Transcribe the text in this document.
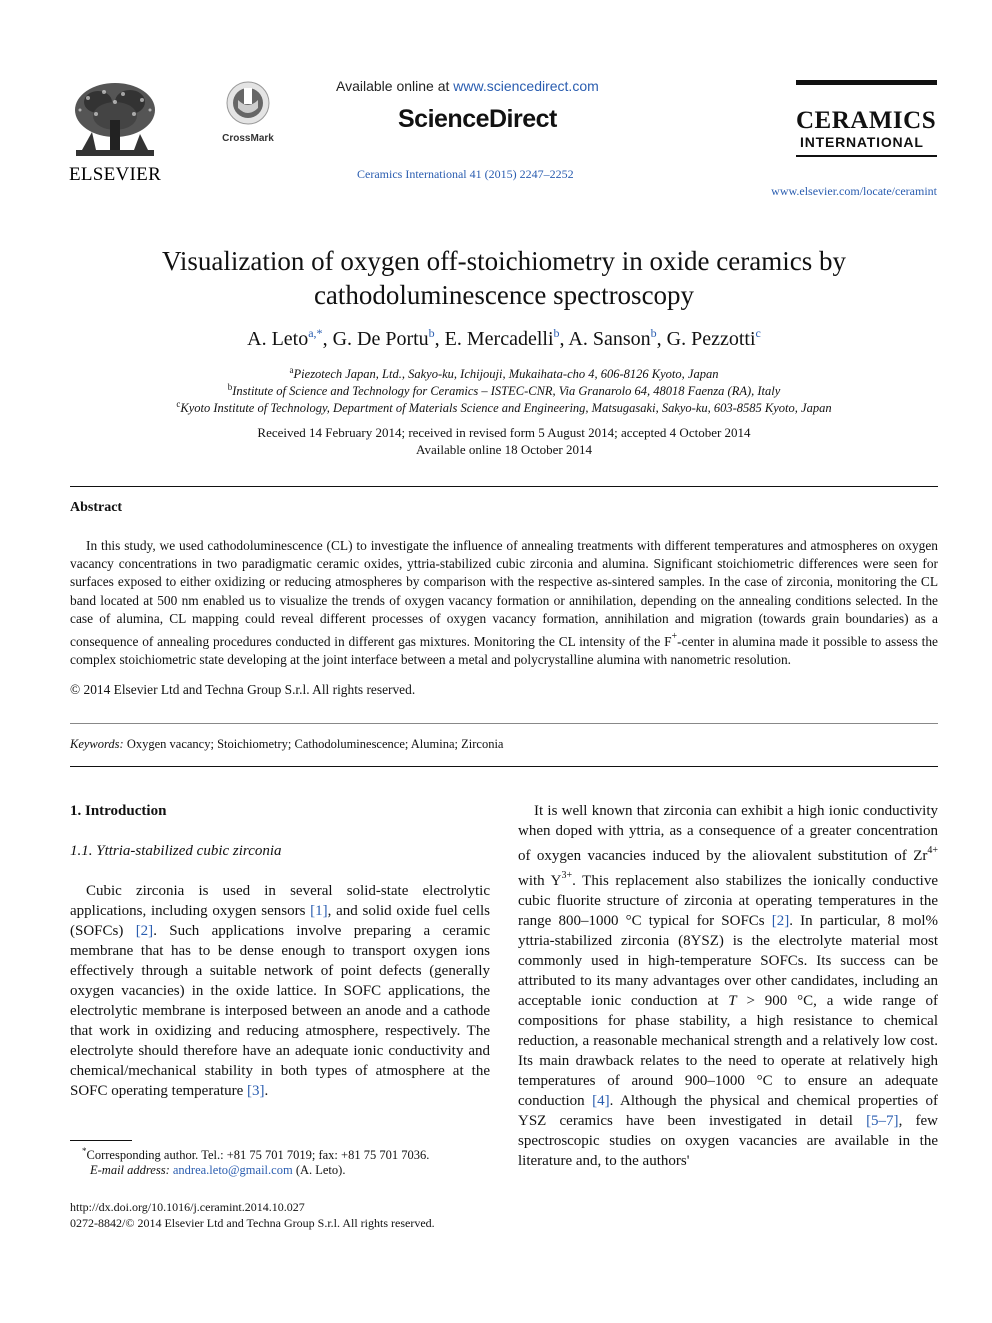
ELSEVIER
CrossMark
Available online at www.sciencedirect.com
ScienceDirect
Ceramics International 41 (2015) 2247–2252
CERAMICS
INTERNATIONAL
www.elsevier.com/locate/ceramint
Visualization of oxygen off-stoichiometry in oxide ceramics by
cathodoluminescence spectroscopy
A. Leto$^{a,*}$, G. De Portu$^b$, E. Mercadelli$^b$, A. Sanson$^b$, G. Pezzotti$^c$
$^a$Piezotech Japan, Ltd., Sakyo-ku, Ichijouji, Mukaihata-cho 4, 606-8126 Kyoto, Japan
$^b$Institute of Science and Technology for Ceramics – ISTEC-CNR, Via Granarolo 64, 48018 Faenza (RA), Italy
$^c$Kyoto Institute of Technology, Department of Materials Science and Engineering, Matsugasaki, Sakyo-ku, 603-8585 Kyoto, Japan
Received 14 February 2014; received in revised form 5 August 2014; accepted 4 October 2014
Available online 18 October 2014
Abstract
In this study, we used cathodoluminescence (CL) to investigate the influence of annealing treatments with different temperatures and atmospheres on oxygen vacancy concentrations in two paradigmatic ceramic oxides, yttria-stabilized cubic zirconia and alumina. Significant stoichiometric differences were seen for surfaces exposed to either oxidizing or reducing atmospheres by comparison with the respective as-sintered samples. In the case of zirconia, monitoring the CL band located at 500 nm enabled us to visualize the trends of oxygen vacancy formation or annihilation, depending on the annealing conditions selected. In the case of alumina, CL mapping could reveal different processes of oxygen vacancy formation, annihilation and migration (towards grain boundaries) as a consequence of annealing procedures conducted in different gas mixtures. Monitoring the CL intensity of the F+-center in alumina made it possible to assess the complex stoichiometric state developing at the joint interface between a metal and polycrystalline alumina with nanometric resolution.
© 2014 Elsevier Ltd and Techna Group S.r.l. All rights reserved.
Keywords: Oxygen vacancy; Stoichiometry; Cathodoluminescence; Alumina; Zirconia
1. Introduction
1.1. Yttria-stabilized cubic zirconia
Cubic zirconia is used in several solid-state electrolytic applications, including oxygen sensors [1], and solid oxide fuel cells (SOFCs) [2]. Such applications involve preparing a ceramic membrane that has to be dense enough to transport oxygen ions effectively through a suitable network of point defects (generally oxygen vacancies) in the oxide lattice. In SOFC applications, the electrolytic membrane is interposed between an anode and a cathode that work in oxidizing and reducing atmosphere, respectively. The electrolyte should therefore have an adequate ionic conductivity and chemical/mechanical stability in both types of atmosphere at the SOFC operating temperature [3].
It is well known that zirconia can exhibit a high ionic conductivity when doped with yttria, as a consequence of a greater concentration of oxygen vacancies induced by the aliovalent substitution of $Zr^{4+}$ with $Y^{3+}$. This replacement also stabilizes the ionically conductive cubic fluorite structure of zirconia at operating temperatures in the range 800–1000 °C typical for SOFCs [2]. In particular, 8 mol% yttria-stabilized zirconia (8YSZ) is the electrolyte material most commonly used in high-temperature SOFCs. Its success can be attributed to its many advantages over other candidates, including an acceptable ionic conduction at T > 900 °C, a wide range of compositions for phase stability, a high resistance to chemical reduction, a reasonable mechanical strength and a relatively low cost. Its main drawback relates to the need to operate at relatively high temperatures of around 900–1000 °C to ensure an adequate conduction [4]. Although the physical and chemical properties of YSZ ceramics have been investigated in detail [5–7], few spectroscopic studies on oxygen vacancies are available in the literature and, to the authors'
*Corresponding author. Tel.: +81 75 701 7019; fax: +81 75 701 7036.
E-mail address: andrea.leto@gmail.com (A. Leto).
http://dx.doi.org/10.1016/j.ceramint.2014.10.027
0272-8842/© 2014 Elsevier Ltd and Techna Group S.r.l. All rights reserved.
